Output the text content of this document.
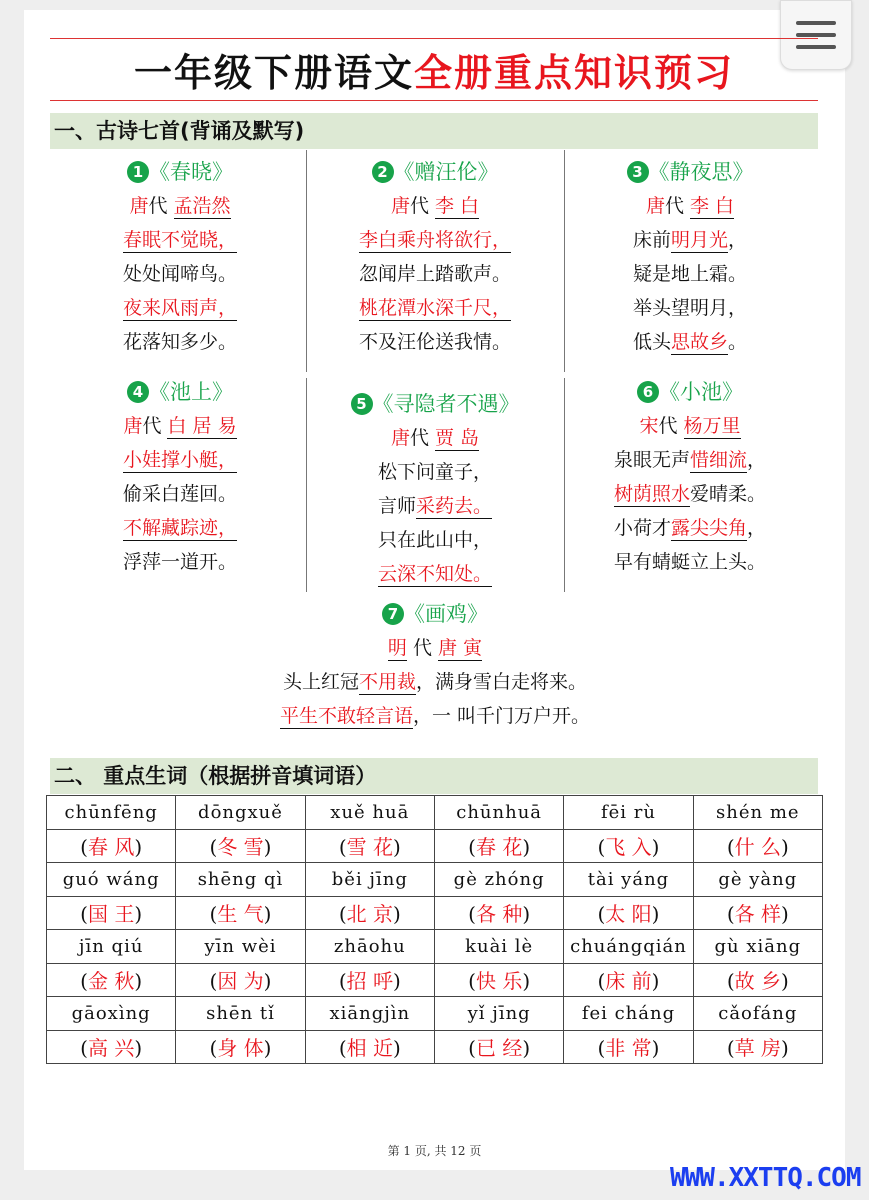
一年级下册语文全册重点知识预习
一、古诗七首(背诵及默写)
1 《春晓》
唐代 孟浩然
春眠不觉晓，
处处闻啼鸟。
夜来风雨声，
花落知多少。
2 《赠汪伦》
唐代 李 白
李白乘舟将欲行，
忽闻岸上踏歌声。
桃花潭水深千尺，
不及汪伦送我情。
3 《静夜思》
唐代 李 白
床前明月光，
疑是地上霜。
举头望明月，
低头思故乡。
4 《池上》
唐代 白 居 易
小娃撑小艇，
偷采白莲回。
不解藏踪迹，
浮萍一道开。
5 《寻隐者不遇》
唐代 贾 岛
松下问童子，
言师采药去。
只在此山中，
云深不知处。
6 《小池》
宋代 杨万里
泉眼无声惜细流，
树荫照水爱晴柔。
小荷才露尖尖角，
早有蜻蜓立上头。
7 《画鸡》
明 代 唐 寅
头上红冠不用裁，满身雪白走将来。
平生不敢轻言语，一 叫千门万户开。
二、 重点生词（根据拼音填词语）
chūnfēng	dōngxuě	xuě huā	chūnhuā	fēi rù	shén me
(春 风)	(冬 雪)	(雪 花)	(春 花)	(飞 入)	(什 么)
guó wáng	shēng qì	běi jīng	gè zhóng	tài yáng	gè yàng
(国 王)	(生 气)	(北 京)	(各 种)	(太 阳)	(各 样)
jīn qiú	yīn wèi	zhāohu	kuài lè	chuángqián	gù xiāng
(金 秋)	(因 为)	(招 呼)	(快 乐)	(床 前)	(故 乡)
gāoxìng	shēn tǐ	xiāngjìn	yǐ jīng	fei cháng	cǎofáng
(高 兴)	(身 体)	(相 近)	(已 经)	(非 常)	(草 房)
第 1 页, 共 12 页
WWW.XXTTQ.COM
